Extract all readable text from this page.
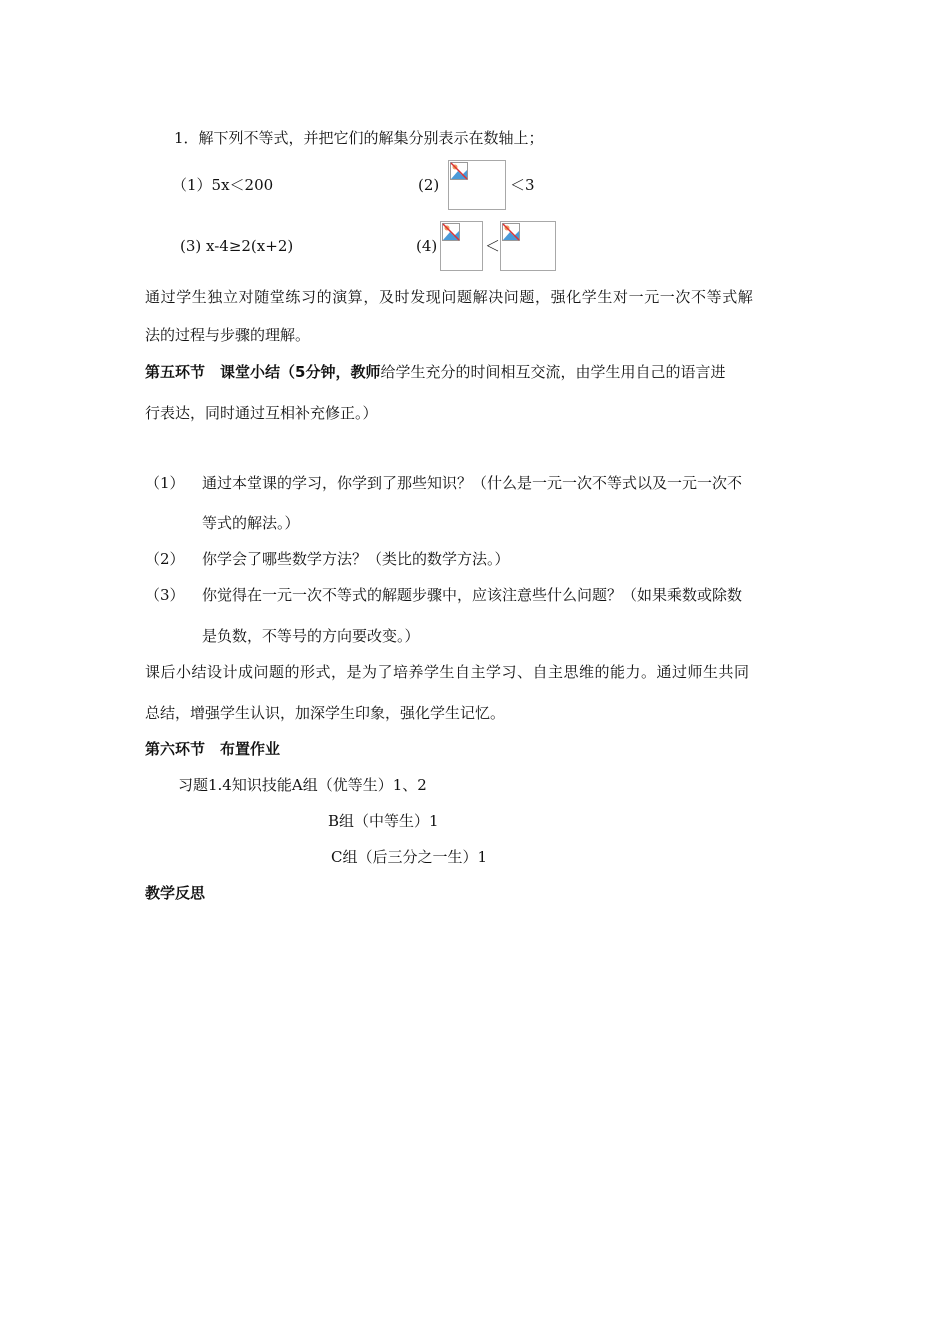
1．解下列不等式，并把它们的解集分别表示在数轴上；
（1）5x＜200	(2)	＜3
(3) x-4≥2(x+2)	(4)	＜
通过学生独立对随堂练习的演算，及时发现问题解决问题，强化学生对一元一次不等式解
法的过程与步骤的理解。
第五环节　课堂小结（5分钟，教师给学生充分的时间相互交流，由学生用自己的语言进
行表达，同时通过互相补充修正。）
（1） 通过本堂课的学习，你学到了那些知识？（什么是一元一次不等式以及一元一次不
等式的解法。）
（2） 你学会了哪些数学方法？（类比的数学方法。）
（3） 你觉得在一元一次不等式的解题步骤中，应该注意些什么问题？（如果乘数或除数
是负数，不等号的方向要改变。）
课后小结设计成问题的形式，是为了培养学生自主学习、自主思维的能力。通过师生共同
总结，增强学生认识，加深学生印象，强化学生记忆。
第六环节　布置作业
习题1.4知识技能A组（优等生）1、2
B组（中等生）1
C组（后三分之一生）1
教学反思
